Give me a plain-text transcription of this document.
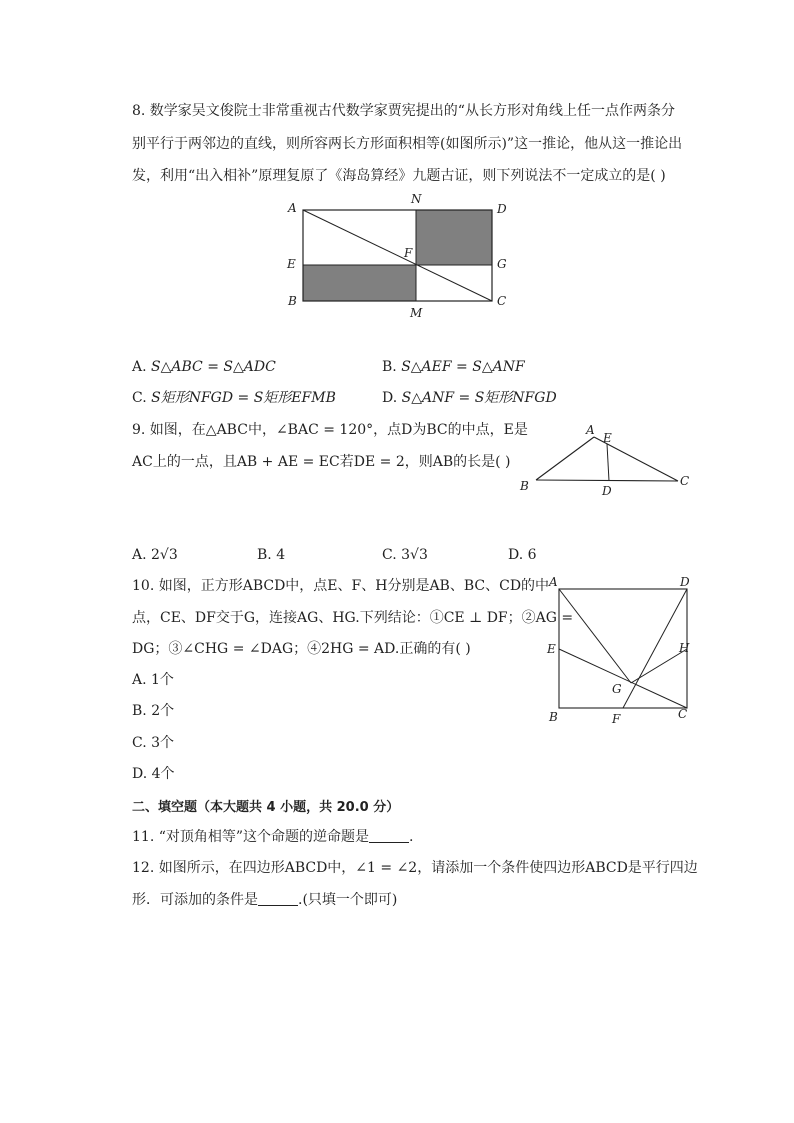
8. 数学家吴文俊院士非常重视古代数学家贾宪提出的“从长方形对角线上任一点作两条分
别平行于两邻边的直线，则所容两长方形面积相等(如图所示)”这一推论，他从这一推论出
发，利用“出入相补”原理复原了《海岛算经》九题古证，则下列说法不一定成立的是( )
A
N
D
E
F
G
B
M
C
A. S△ABC = S△ADC	B. S△AEF = S△ANF
C. S矩形NFGD = S矩形EFMB	D. S△ANF = S矩形NFGD
9. 如图，在△ABC中，∠BAC = 120°，点D为BC的中点，E是
AC上的一点，且AB + AE = EC若DE = 2，则AB的长是( )
A
E
B	D
C
A. 2√3	B. 4	C. 3√3	D. 6
10. 如图，正方形ABCD中，点E、F、H分别是AB、BC、CD的中
点，CE、DF交于G，连接AG、HG.下列结论：①CE ⊥ DF；②AG =
DG；③∠CHG = ∠DAG；④2HG = AD.正确的有( )
A	D
E	H
G
B	F	C
A. 1个
B. 2个
C. 3个
D. 4个
二、填空题（本大题共 4 小题，共 20.0 分）
11. “对顶角相等”这个命题的逆命题是	.
12. 如图所示，在四边形ABCD中，∠1 = ∠2，请添加一个条件使四边形ABCD是平行四边
形．可添加的条件是	.(只填一个即可)
